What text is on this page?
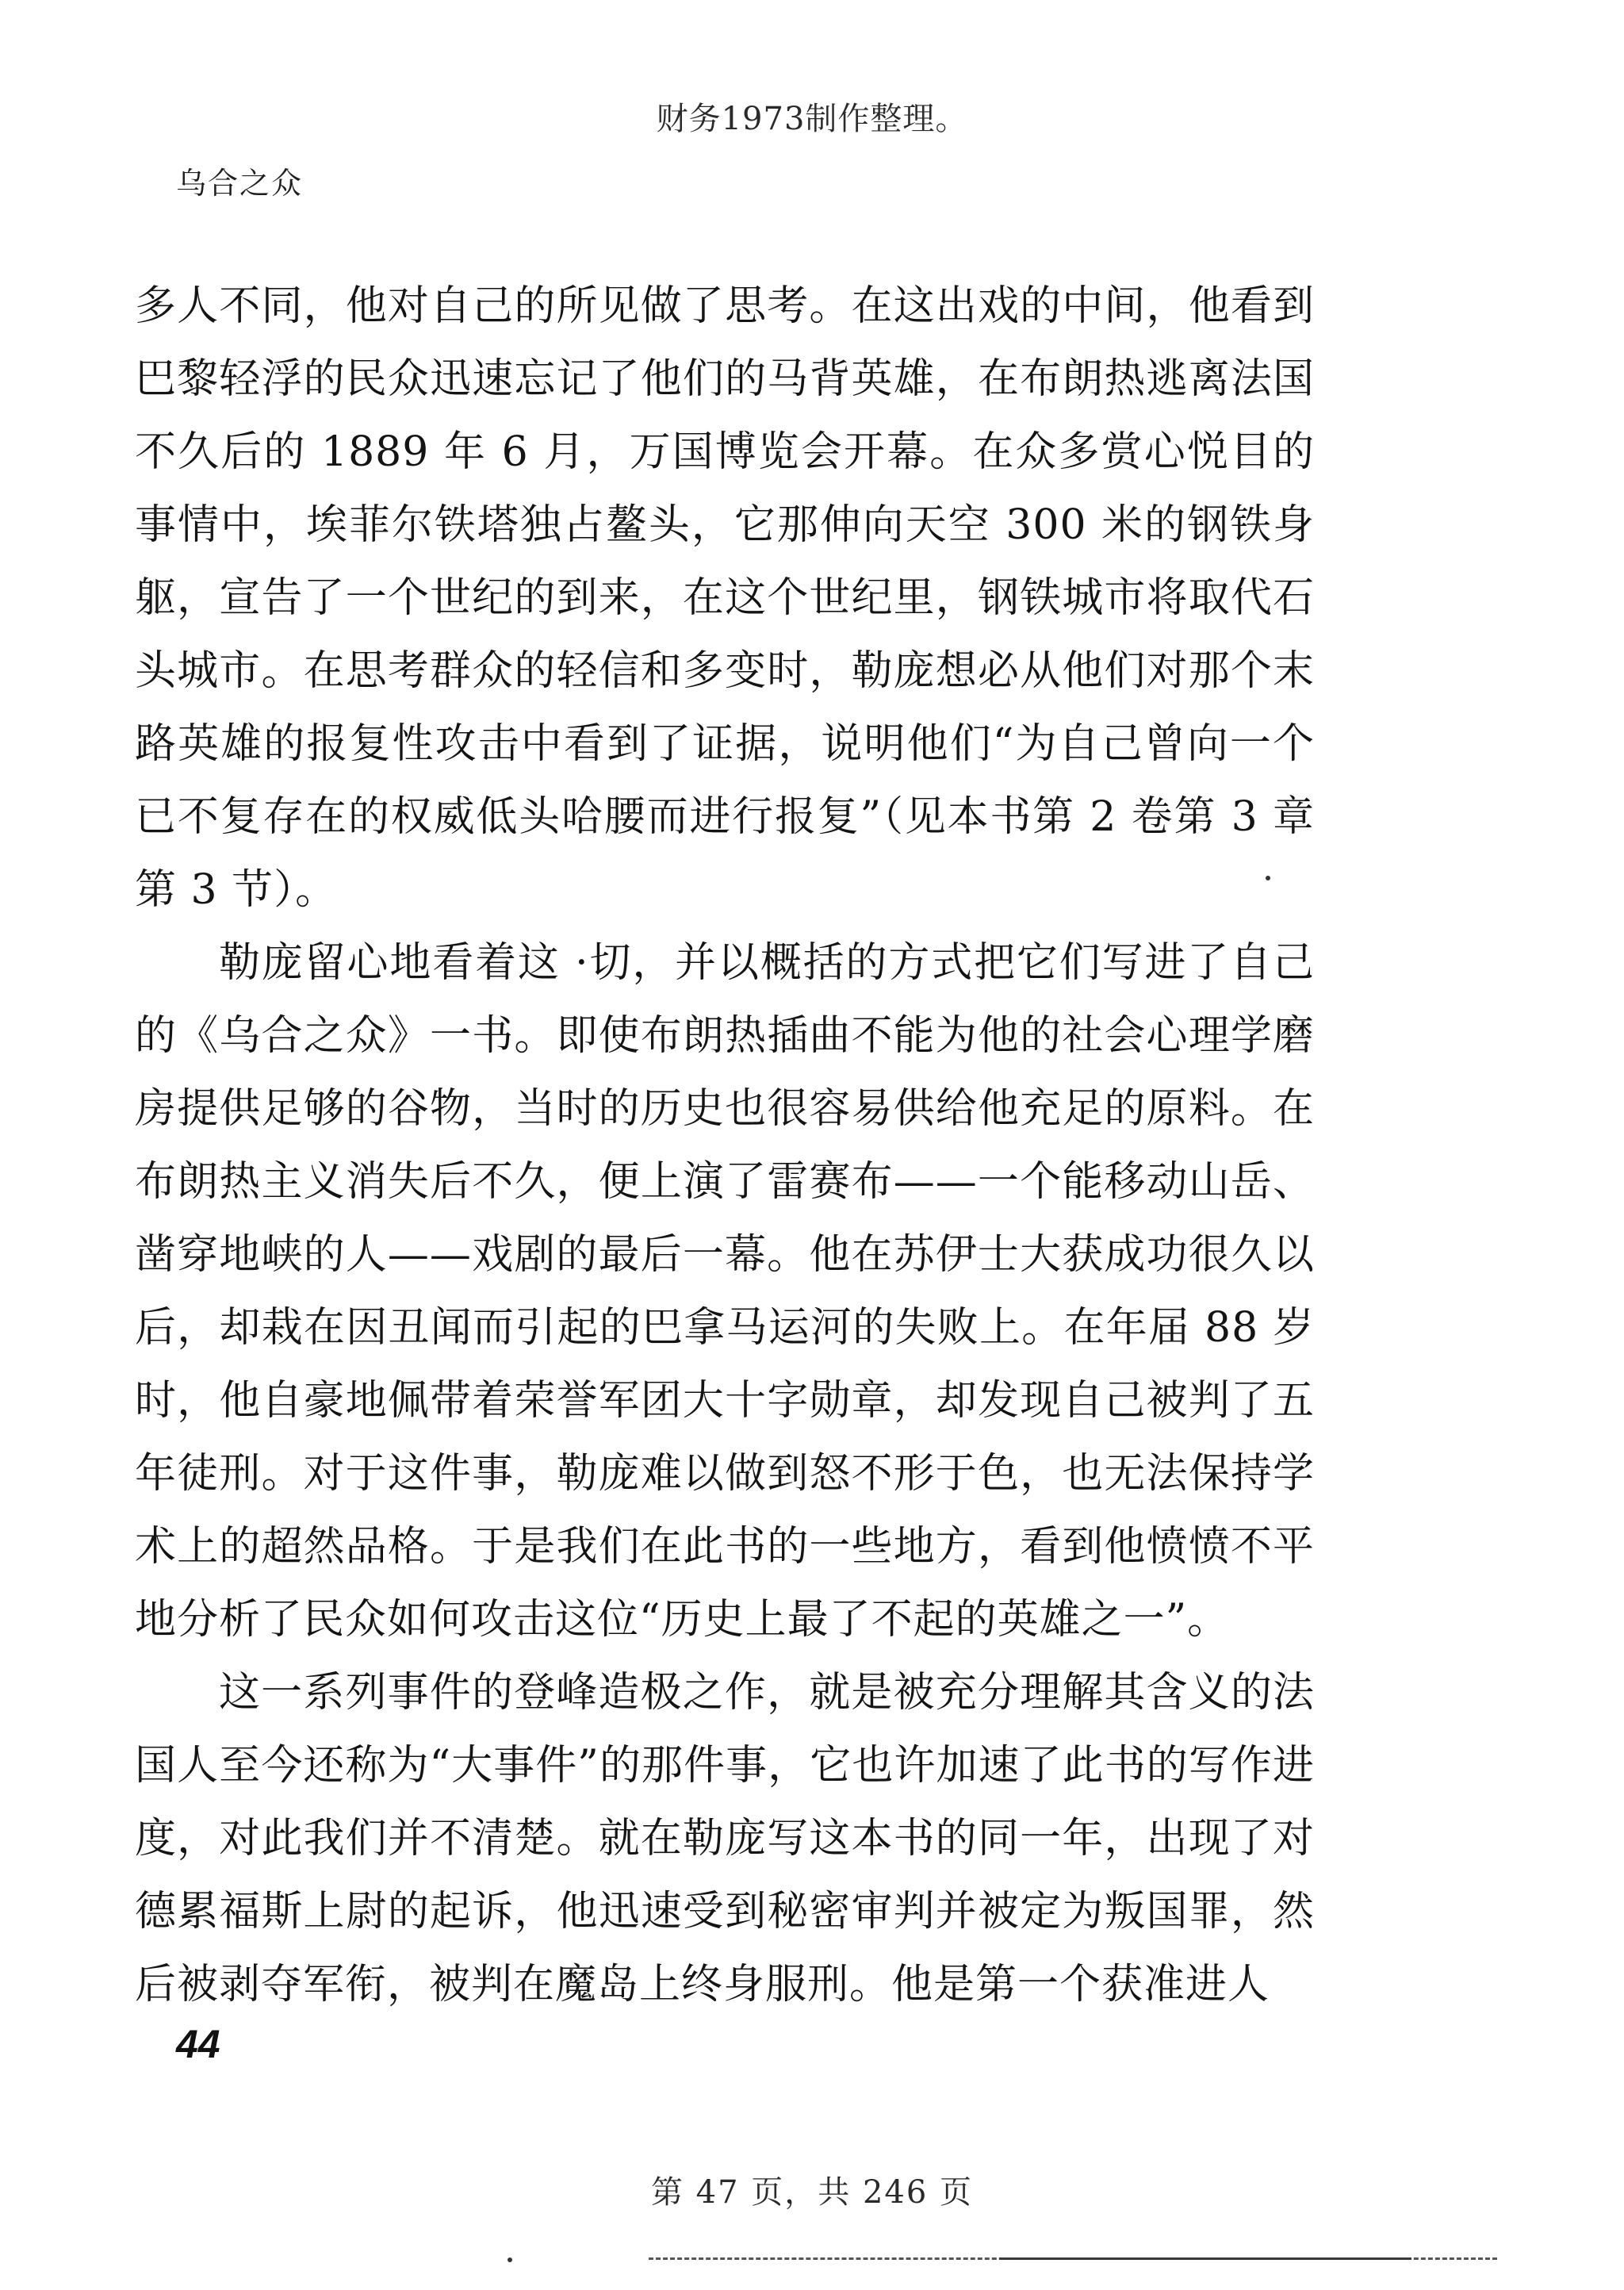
财务1973制作整理。
乌合之众

多人不同，他对自己的所见做了思考。在这出戏的中间，他看到巴黎轻浮的民众迅速忘记了他们的马背英雄，在布朗热逃离法国不久后的 1889 年 6 月，万国博览会开幕。在众多赏心悦目的事情中，埃菲尔铁塔独占鳌头，它那伸向天空 300 米的钢铁身躯，宣告了一个世纪的到来，在这个世纪里，钢铁城市将取代石头城市。在思考群众的轻信和多变时，勒庞想必从他们对那个末路英雄的报复性攻击中看到了证据，说明他们“为自己曾向一个已不复存在的权威低头哈腰而进行报复”（见本书第 2 卷第 3 章第 3 节）。

勒庞留心地看着这 ·切，并以概括的方式把它们写进了自己的《乌合之众》一书。即使布朗热插曲不能为他的社会心理学磨房提供足够的谷物，当时的历史也很容易供给他充足的原料。在布朗热主义消失后不久，便上演了雷赛布——一个能移动山岳、凿穿地峡的人——戏剧的最后一幕。他在苏伊士大获成功很久以后，却栽在因丑闻而引起的巴拿马运河的失败上。在年届 88 岁时，他自豪地佩带着荣誉军团大十字勋章，却发现自己被判了五年徒刑。对于这件事，勒庞难以做到怒不形于色，也无法保持学术上的超然品格。于是我们在此书的一些地方，看到他愤愤不平地分析了民众如何攻击这位“历史上最了不起的英雄之一”。

这一系列事件的登峰造极之作，就是被充分理解其含义的法国人至今还称为“大事件”的那件事，它也许加速了此书的写作进度，对此我们并不清楚。就在勒庞写这本书的同一年，出现了对德累福斯上尉的起诉，他迅速受到秘密审判并被定为叛国罪，然后被剥夺军衔，被判在魔岛上终身服刑。他是第一个获准进人

44
第 47 页，共 246 页
